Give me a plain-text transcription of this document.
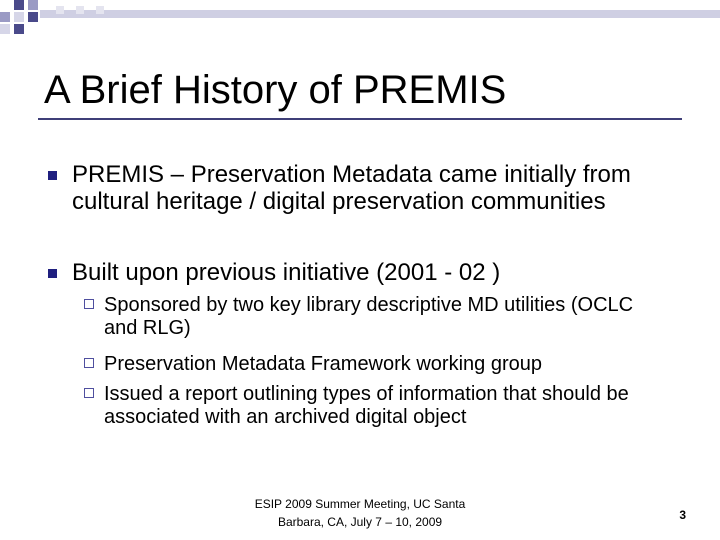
A Brief History of PREMIS
PREMIS – Preservation Metadata came initially from cultural heritage / digital preservation communities
Built upon previous initiative (2001 - 02 )
Sponsored by two key library descriptive MD utilities (OCLC and RLG)
Preservation Metadata Framework working group
Issued a report outlining types of information that should be associated with an archived digital object
ESIP 2009 Summer Meeting, UC Santa
Barbara, CA, July 7 – 10, 2009	3
